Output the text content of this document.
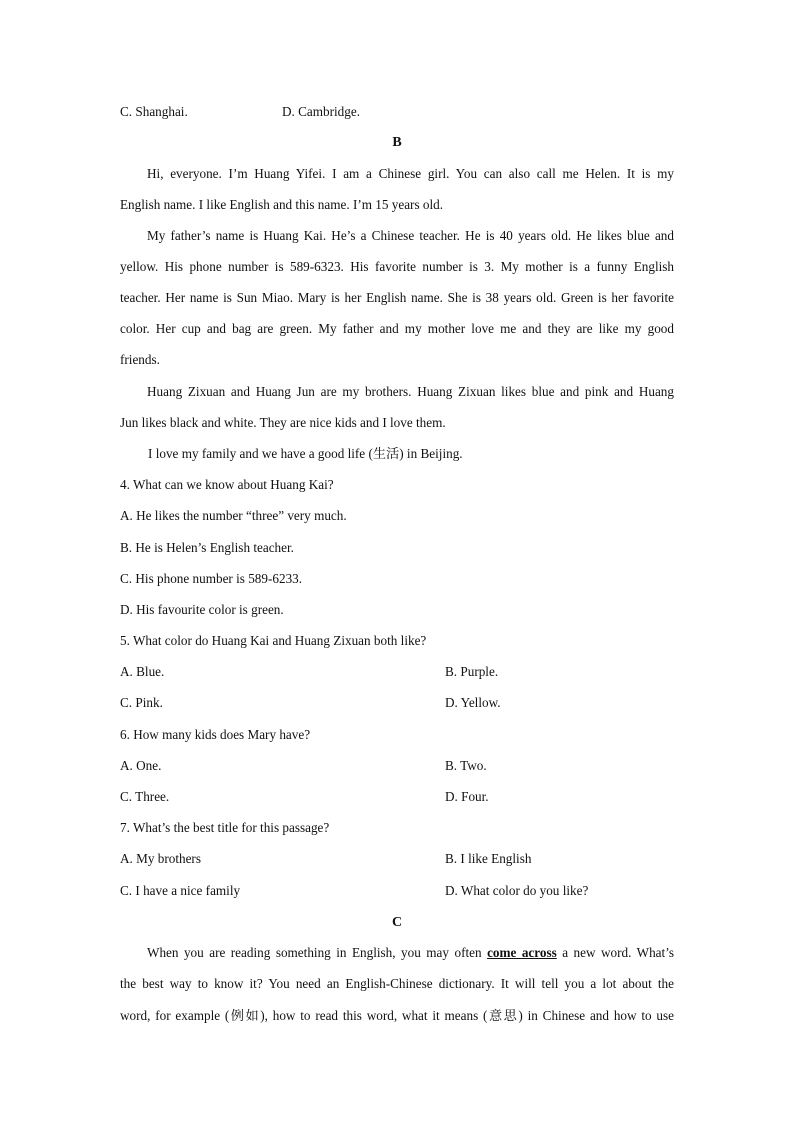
C. Shanghai.	D. Cambridge.
B
Hi, everyone. I’m Huang Yifei. I am a Chinese girl. You can also call me Helen. It is my
English name. I like English and this name. I’m 15 years old.
My father’s name is Huang Kai. He’s a Chinese teacher. He is 40 years old. He likes blue and
yellow. His phone number is 589-6323. His favorite number is 3. My mother is a funny English
teacher. Her name is Sun Miao. Mary is her English name. She is 38 years old. Green is her favorite
color. Her cup and bag are green. My father and my mother love me and they are like my good
friends.
Huang Zixuan and Huang Jun are my brothers. Huang Zixuan likes blue and pink and Huang
Jun likes black and white. They are nice kids and I love them.
I love my family and we have a good life (生活) in Beijing.
4. What can we know about Huang Kai?
A. He likes the number “three” very much.
B. He is Helen’s English teacher.
C. His phone number is 589-6233.
D. His favourite color is green.
5. What color do Huang Kai and Huang Zixuan both like?
A. Blue.	B. Purple.
C. Pink.	D. Yellow.
6. How many kids does Mary have?
A. One.	B. Two.
C. Three.	D. Four.
7. What’s the best title for this passage?
A. My brothers	B. I like English
C. I have a nice family	D. What color do you like?
C
When you are reading something in English, you may often come across a new word. What’s
the best way to know it? You need an English-Chinese dictionary. It will tell you a lot about the
word, for example (例如), how to read this word, what it means (意思) in Chinese and how to use
